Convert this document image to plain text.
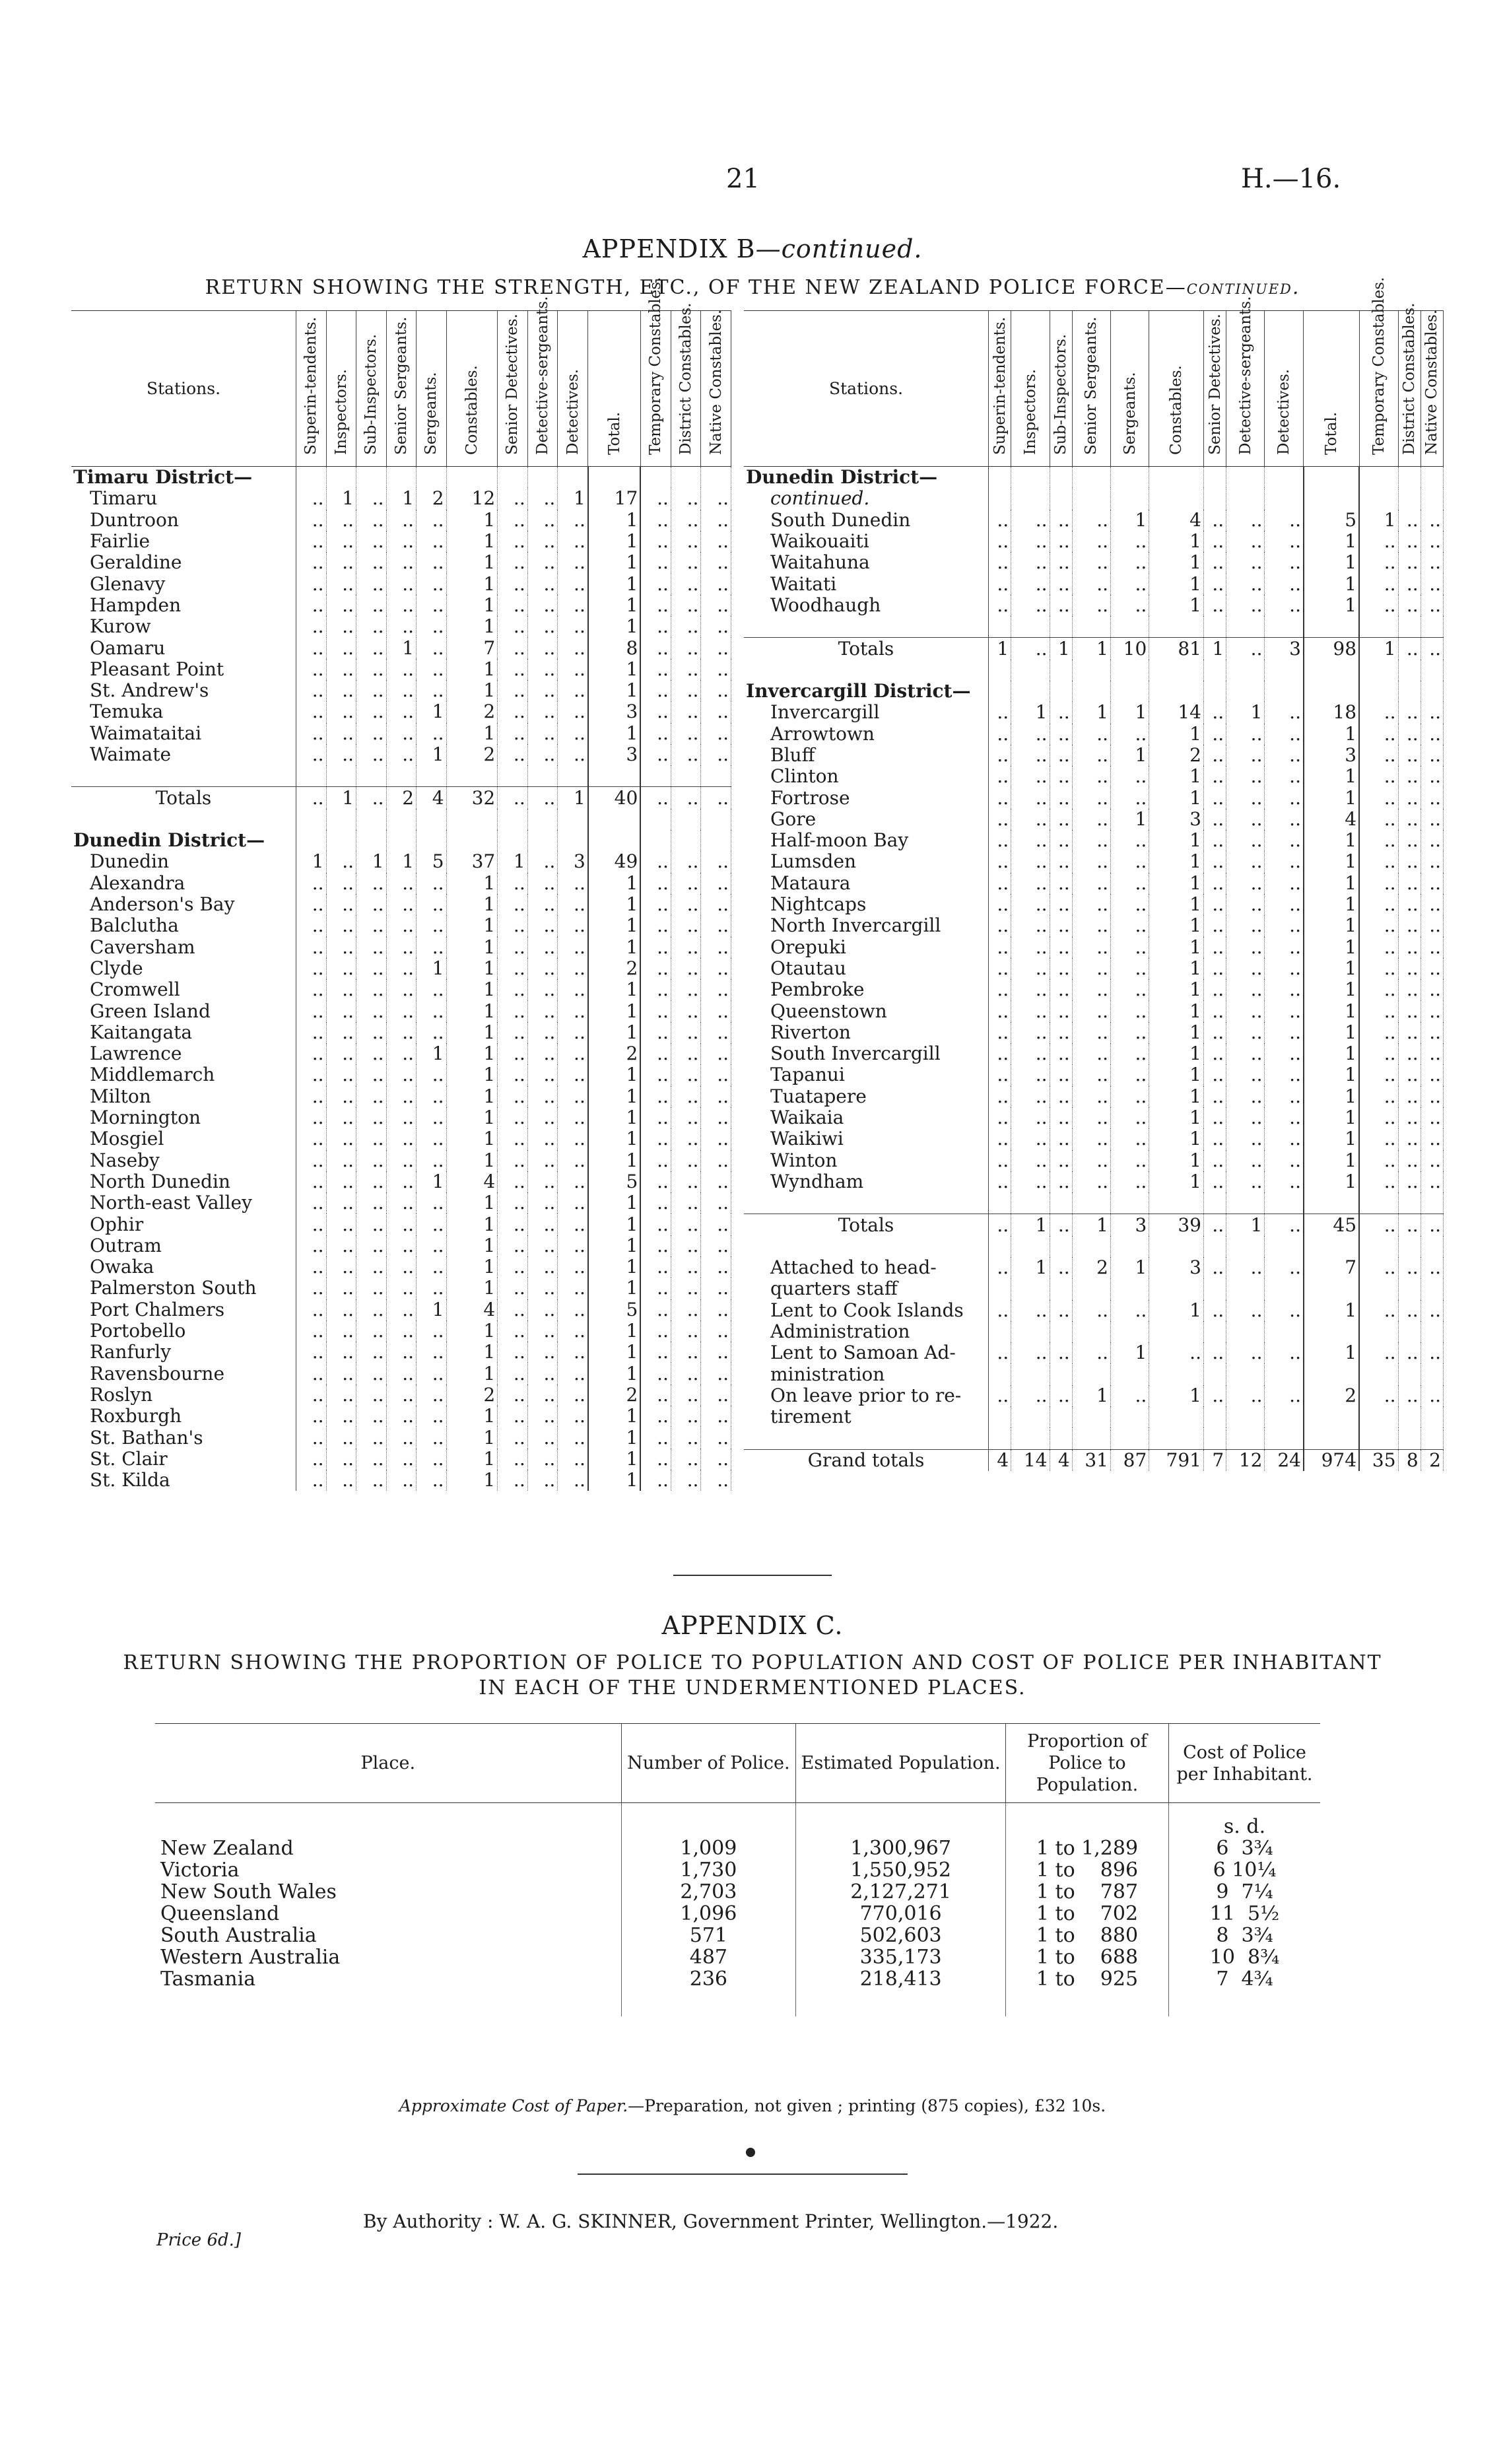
21	H.—16.
APPENDIX B—continued.
RETURN SHOWING THE STRENGTH, ETC., OF THE NEW ZEALAND POLICE FORCE—continued.
Stations.	Superin-tendents.	Inspectors.	Sub-Inspectors.	Senior Sergeants.	Sergeants.	Constables.	Senior Detectives.	Detective-sergeants.	Detectives.	Total.	Temporary Constables.	District Constables.	Native Constables.

Timaru District—													
Timaru	..	1	..	1	2	12	..	..	1	17	..	..	..
Duntroon	..	..	..	..	..	1	..	..	..	1	..	..	..
Fairlie	..	..	..	..	..	1	..	..	..	1	..	..	..
Geraldine	..	..	..	..	..	1	..	..	..	1	..	..	..
Glenavy	..	..	..	..	..	1	..	..	..	1	..	..	..
Hampden	..	..	..	..	..	1	..	..	..	1	..	..	..
Kurow	..	..	..	..	..	1	..	..	..	1	..	..	..
Oamaru	..	..	..	1	..	7	..	..	..	8	..	..	..
Pleasant Point	..	..	..	..	..	1	..	..	..	1	..	..	..
St. Andrew's	..	..	..	..	..	1	..	..	..	1	..	..	..
Temuka	..	..	..	..	1	2	..	..	..	3	..	..	..
Waimataitai	..	..	..	..	..	1	..	..	..	1	..	..	..
Waimate	..	..	..	..	1	2	..	..	..	3	..	..	..

Totals	..	1	..	2	4	32	..	..	1	40	..	..	..

Dunedin District—													
Dunedin	1	..	1	1	5	37	1	..	3	49	..	..	..
Alexandra	..	..	..	..	..	1	..	..	..	1	..	..	..
Anderson's Bay	..	..	..	..	..	1	..	..	..	1	..	..	..
Balclutha	..	..	..	..	..	1	..	..	..	1	..	..	..
Caversham	..	..	..	..	..	1	..	..	..	1	..	..	..
Clyde	..	..	..	..	1	1	..	..	..	2	..	..	..
Cromwell	..	..	..	..	..	1	..	..	..	1	..	..	..
Green Island	..	..	..	..	..	1	..	..	..	1	..	..	..
Kaitangata	..	..	..	..	..	1	..	..	..	1	..	..	..
Lawrence	..	..	..	..	1	1	..	..	..	2	..	..	..
Middlemarch	..	..	..	..	..	1	..	..	..	1	..	..	..
Milton	..	..	..	..	..	1	..	..	..	1	..	..	..
Mornington	..	..	..	..	..	1	..	..	..	1	..	..	..
Mosgiel	..	..	..	..	..	1	..	..	..	1	..	..	..
Naseby	..	..	..	..	..	1	..	..	..	1	..	..	..
North Dunedin	..	..	..	..	1	4	..	..	..	5	..	..	..
North-east Valley	..	..	..	..	..	1	..	..	..	1	..	..	..
Ophir	..	..	..	..	..	1	..	..	..	1	..	..	..
Outram	..	..	..	..	..	1	..	..	..	1	..	..	..
Owaka	..	..	..	..	..	1	..	..	..	1	..	..	..
Palmerston South	..	..	..	..	..	1	..	..	..	1	..	..	..
Port Chalmers	..	..	..	..	1	4	..	..	..	5	..	..	..
Portobello	..	..	..	..	..	1	..	..	..	1	..	..	..
Ranfurly	..	..	..	..	..	1	..	..	..	1	..	..	..
Ravensbourne	..	..	..	..	..	1	..	..	..	1	..	..	..
Roslyn	..	..	..	..	..	2	..	..	..	2	..	..	..
Roxburgh	..	..	..	..	..	1	..	..	..	1	..	..	..
St. Bathan's	..	..	..	..	..	1	..	..	..	1	..	..	..
St. Clair	..	..	..	..	..	1	..	..	..	1	..	..	..
St. Kilda	..	..	..	..	..	1	..	..	..	1	..	..	..
Stations.	Superin-tendents.	Inspectors.	Sub-Inspectors.	Senior Sergeants.	Sergeants.	Constables.	Senior Detectives.	Detective-sergeants.	Detectives.	Total.	Temporary Constables.	District Constables.	Native Constables.

Dunedin District—													
continued.													
South Dunedin	..	..	..	..	1	4	..	..	..	5	1	..	..
Waikouaiti	..	..	..	..	..	1	..	..	..	1	..	..	..
Waitahuna	..	..	..	..	..	1	..	..	..	1	..	..	..
Waitati	..	..	..	..	..	1	..	..	..	1	..	..	..
Woodhaugh	..	..	..	..	..	1	..	..	..	1	..	..	..

Totals	1	..	1	1	10	81	1	..	3	98	1	..	..

Invercargill District—													
Invercargill	..	1	..	1	1	14	..	1	..	18	..	..	..
Arrowtown	..	..	..	..	..	1	..	..	..	1	..	..	..
Bluff	..	..	..	..	1	2	..	..	..	3	..	..	..
Clinton	..	..	..	..	..	1	..	..	..	1	..	..	..
Fortrose	..	..	..	..	..	1	..	..	..	1	..	..	..
Gore	..	..	..	..	1	3	..	..	..	4	..	..	..
Half-moon Bay	..	..	..	..	..	1	..	..	..	1	..	..	..
Lumsden	..	..	..	..	..	1	..	..	..	1	..	..	..
Mataura	..	..	..	..	..	1	..	..	..	1	..	..	..
Nightcaps	..	..	..	..	..	1	..	..	..	1	..	..	..
North Invercargill	..	..	..	..	..	1	..	..	..	1	..	..	..
Orepuki	..	..	..	..	..	1	..	..	..	1	..	..	..
Otautau	..	..	..	..	..	1	..	..	..	1	..	..	..
Pembroke	..	..	..	..	..	1	..	..	..	1	..	..	..
Queenstown	..	..	..	..	..	1	..	..	..	1	..	..	..
Riverton	..	..	..	..	..	1	..	..	..	1	..	..	..
South Invercargill	..	..	..	..	..	1	..	..	..	1	..	..	..
Tapanui	..	..	..	..	..	1	..	..	..	1	..	..	..
Tuatapere	..	..	..	..	..	1	..	..	..	1	..	..	..
Waikaia	..	..	..	..	..	1	..	..	..	1	..	..	..
Waikiwi	..	..	..	..	..	1	..	..	..	1	..	..	..
Winton	..	..	..	..	..	1	..	..	..	1	..	..	..
Wyndham	..	..	..	..	..	1	..	..	..	1	..	..	..

Totals	..	1	..	1	3	39	..	1	..	45	..	..	..

Attached to head-	..	1	..	2	1	3	..	..	..	7	..	..	..
quarters staff													
Lent to Cook Islands	..	..	..	..	..	1	..	..	..	1	..	..	..
Administration													
Lent to Samoan Ad-	..	..	..	..	1	..	..	..	..	1	..	..	..
ministration													
On leave prior to re-	..	..	..	1	..	1	..	..	..	2	..	..	..
tirement													

Grand totals	4	14	4	31	87	791	7	12	24	974	35	8	2
APPENDIX C.
RETURN SHOWING THE PROPORTION OF POLICE TO POPULATION AND COST OF POLICE PER INHABITANT
IN EACH OF THE UNDERMENTIONED PLACES.
Place.	Number of Police.	Estimated Population.	Proportion of Police to Population.	Cost of Police per Inhabitant.
				s. d.
New Zealand	1,009	1,300,967	1 to 1,289	6  3¾
Victoria	1,730	1,550,952	1 to    896	6 10¼
New South Wales	2,703	2,127,271	1 to    787	9  7¼
Queensland	1,096	770,016	1 to    702	11  5½
South Australia	571	502,603	1 to    880	8  3¾
Western Australia	487	335,173	1 to    688	10  8¾
Tasmania	236	218,413	1 to    925	7  4¾

Approximate Cost of Paper.—Preparation, not given ; printing (875 copies), £32 10s.
By Authority : W. A. G. SKINNER, Government Printer, Wellington.—1922.
Price 6d.]
